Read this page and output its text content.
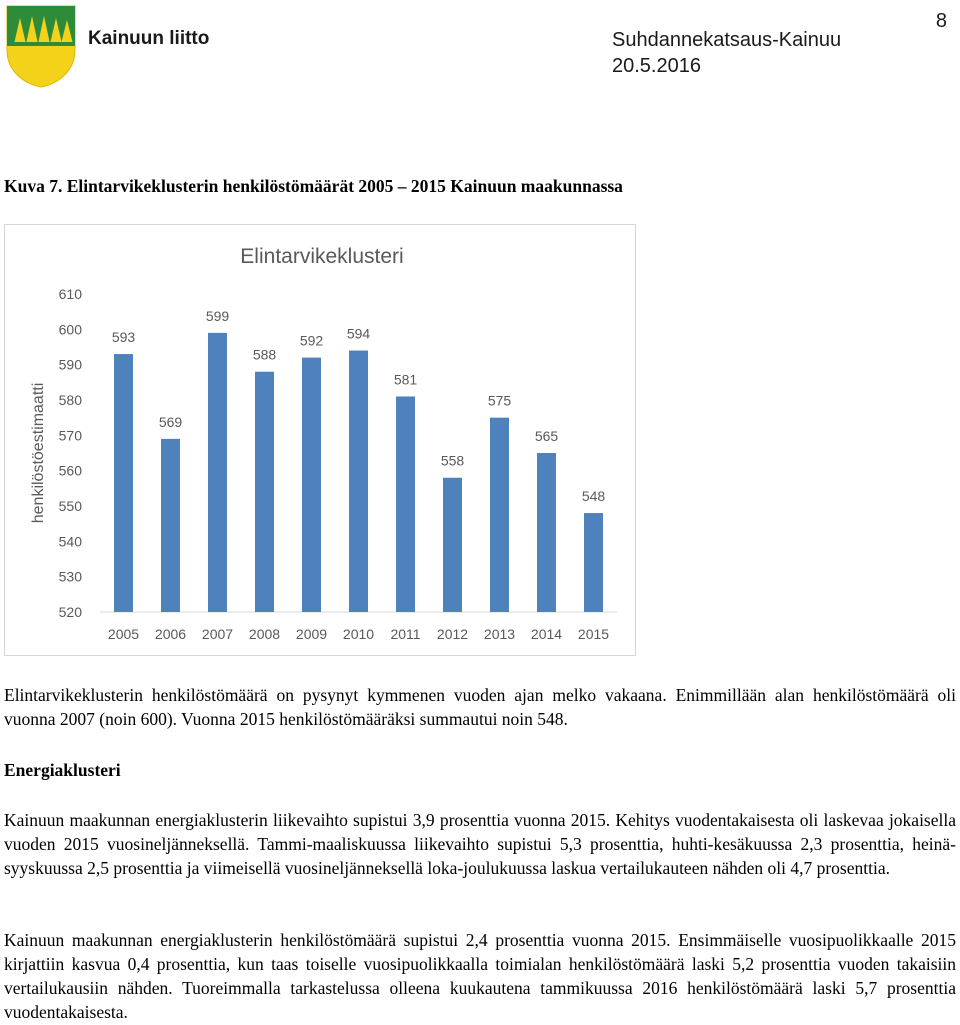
Kainuun liitto	Suhdannekatsaus-Kainuu
20.5.2016
8
Kuva 7. Elintarvikeklusterin henkilöstömäärät 2005 – 2015 Kainuun maakunnassa
Elintarvikeklusteri
henkilöstöestimaatti
520
530
540
550
560
570
580
590
600
610
593
2005
569
2006
599
2007
588
2008
592
2009
594
2010
581
2011
558
2012
575
2013
565
2014
548
2015
Elintarvikeklusterin henkilöstömäärä on pysynyt kymmenen vuoden ajan melko vakaana. Enimmillään alan henkilöstömäärä oli vuonna 2007 (noin 600). Vuonna 2015 henkilöstömääräksi summautui noin 548.
Energiaklusteri
Kainuun maakunnan energiaklusterin liikevaihto supistui 3,9 prosenttia vuonna 2015. Kehitys vuodentakaisesta oli laskevaa jokaisella vuoden 2015 vuosineljänneksellä. Tammi-maaliskuussa liikevaihto supistui 5,3 prosenttia, huhti-kesäkuussa 2,3 prosenttia, heinä-syyskuussa 2,5 prosenttia ja viimeisellä vuosineljänneksellä loka-joulukuussa laskua vertailukauteen nähden oli 4,7 prosenttia.
Kainuun maakunnan energiaklusterin henkilöstömäärä supistui 2,4 prosenttia vuonna 2015. Ensimmäiselle vuosipuolikkaalle 2015 kirjattiin kasvua 0,4 prosenttia, kun taas toiselle vuosipuolikkaalla toimialan henkilöstömäärä laski 5,2 prosenttia vuoden takaisiin vertailukausiin nähden. Tuoreimmalla tarkastelussa olleena kuukautena tammikuussa 2016 henkilöstömäärä laski 5,7 prosenttia vuodentakaisesta.
